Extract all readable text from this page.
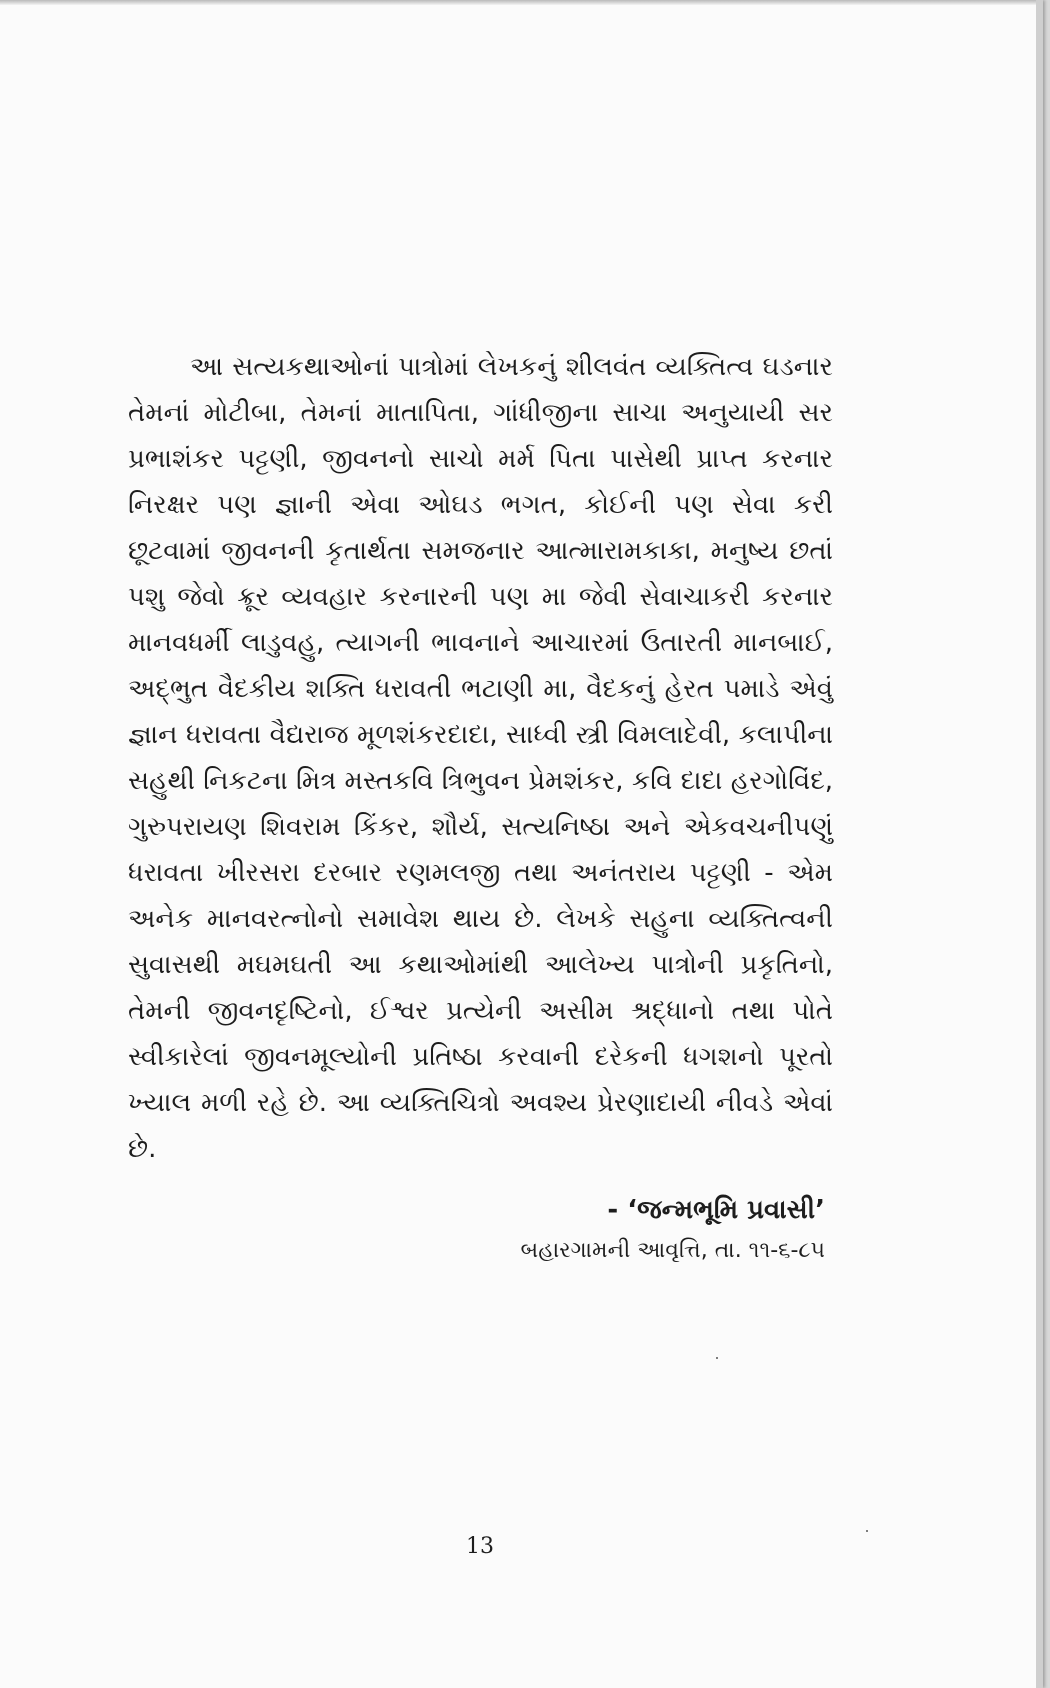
આ સત્યકથાઓનાં પાત્રોમાં લેખકનું શીલવંત વ્યક્તિત્વ ઘડનાર તેમનાં મોટીબા, તેમનાં માતાપિતા, ગાંધીજીના સાચા અનુયાયી સર પ્રભાશંકર પટ્ટણી, જીવનનો સાચો મર્મ પિતા પાસેથી પ્રાપ્ત કરનાર નિરક્ષર પણ જ્ઞાની એવા ઓઘડ ભગત, કોઈની પણ સેવા કરી છૂટવામાં જીવનની કૃતાર્થતા સમજનાર આત્મારામકાકા, મનુષ્ય છતાં પશુ જેવો ક્રૂર વ્યવહાર કરનારની પણ મા જેવી સેવાચાકરી કરનાર માનવધર્મી લાડુવહુ, ત્યાગની ભાવનાને આચારમાં ઉતારતી માનબાઈ, અદ્ભુત વૈદકીય શક્તિ ધરાવતી ભટાણી મા, વૈદકનું હેરત પમાડે એવું જ્ઞાન ધરાવતા વૈદ્યરાજ મૂળશંકરદાદા, સાધ્વી સ્ત્રી વિમલાદેવી, કલાપીના સહુથી નિકટના મિત્ર મસ્તકવિ ત્રિભુવન પ્રેમશંકર, કવિ દાદા હરગોવિંદ, ગુરુપરાયણ શિવરામ કિંકર, શૌર્ય, સત્યનિષ્ઠા અને એકવચનીપણું ધરાવતા ખીરસરા દરબાર રણમલજી તથા અનંતરાય પટ્ટણી - એમ અનેક માનવરત્નોનો સમાવેશ થાય છે. લેખકે સહુના વ્યક્તિત્વની સુવાસથી મઘમઘતી આ કથાઓમાંથી આલેખ્ય પાત્રોની પ્રકૃતિનો, તેમની જીવનદૃષ્ટિનો, ઈશ્વર પ્રત્યેની અસીમ શ્રદ્ધાનો તથા પોતે સ્વીકારેલાં જીવનમૂલ્યોની પ્રતિષ્ઠા કરવાની દરેકની ધગશનો પૂરતો ખ્યાલ મળી રહે છે. આ વ્યક્તિચિત્રો અવશ્ય પ્રેરણાદાયી નીવડે એવાં છે.

- ‘જન્મભૂમિ પ્રવાસી’
બહારગામની આવૃત્તિ, તા. ૧૧-૬-૮૫
13
